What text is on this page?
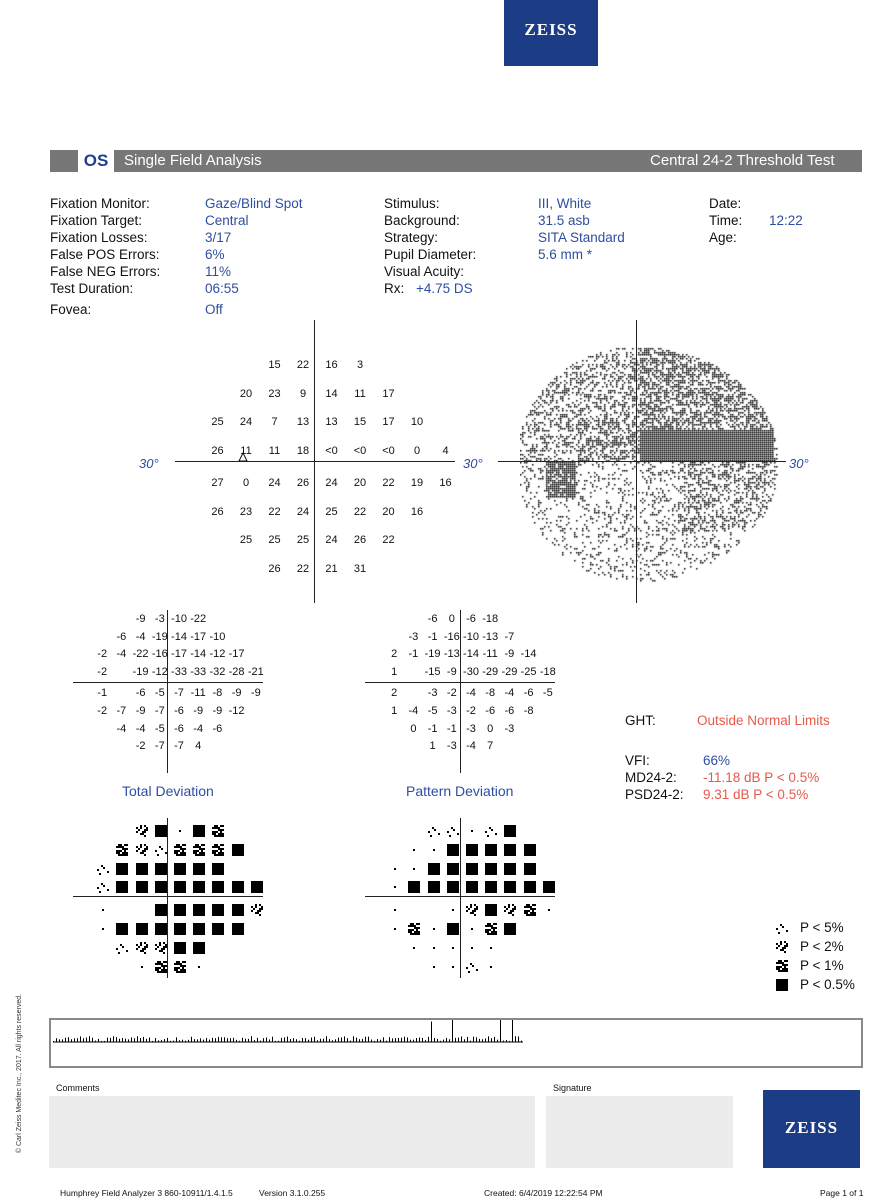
ZEISS
OS	Single Field Analysis	Central 24-2 Threshold Test
Fixation Monitor:	Gaze/Blind Spot
Fixation Target:	Central
Fixation Losses:	3/17
False POS Errors:	6%
False NEG Errors:	11%
Test Duration:	06:55
Fovea:	Off
Stimulus:	III, White
Background:	31.5 asb
Strategy:	SITA Standard
Pupil Diameter:	5.6 mm *
Visual Acuity:
Rx: +4.75 DS
Date:
Time: 12:22
Age:
30°	30°
15	22	16	3
20	23	9	14	11	17
25	24	7	13	13	15	17	10
26	11	11	18	<0	<0	<0	0	4
27	0	24	26	24	20	22	19	16
26	23	22	24	25	22	20	16
25	25	25	24	26	22
26	22	21	31
30°
-9 -3 -10 -22
-6 -4 -19 -14 -17 -10
-2 -4 -22 -16 -17 -14 -12 -17
-2	-19 -12 -33 -33 -32 -28 -21
-1	-6 -5 -7 -11 -8 -9 -9
-2 -7 -9 -7 -6 -9 -9 -12
-4 -4 -5 -6 -4 -6
-2 -7 -7	4
Total Deviation
-6	0	-6 -18
-3 -1 -16 -10 -13 -7
2	-1 -19 -13 -14 -11 -9 -14
1	-15 -9 -30 -29 -29 -25 -18
2	-3 -2 -4 -8 -4 -6 -5
1	-4 -5 -3 -2 -6 -6 -8
0	-1 -1 -3	0	-3
1	-3 -4	7
Pattern Deviation
GHT:	Outside Normal Limits
VFI:	66%
MD24-2: -11.18 dB P < 0.5%
PSD24-2: 9.31 dB P < 0.5%
P < 5%
P < 2%
P < 1%
P < 0.5%
Comments	Signature
ZEISS
© Carl Zeiss Meditec Inc., 2017. All rights reserved.
Humphrey Field Analyzer 3 860-10911/1.4.1.5	Version 3.1.0.255	Created: 6/4/2019 12:22:54 PM	Page 1 of 1
